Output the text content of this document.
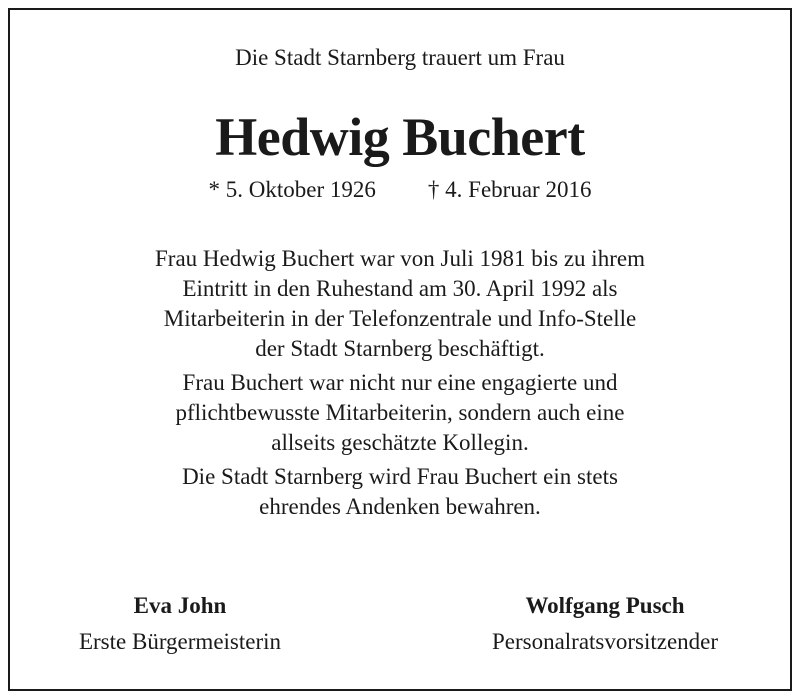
Die Stadt Starnberg trauert um Frau
Hedwig Buchert
* 5. Oktober 1926 † 4. Februar 2016

Frau Hedwig Buchert war von Juli 1981 bis zu ihrem

Eintritt in den Ruhestand am 30. April 1992 als

Mitarbeiterin in der Telefonzentrale und Info-Stelle

der Stadt Starnberg beschäftigt.

Frau Buchert war nicht nur eine engagierte und

pflichtbewusste Mitarbeiterin, sondern auch eine

allseits geschätzte Kollegin.

Die Stadt Starnberg wird Frau Buchert ein stets

ehrendes Andenken bewahren.

Eva John
Erste Bürgermeisterin
Wolfgang Pusch
Personalratsvorsitzender
